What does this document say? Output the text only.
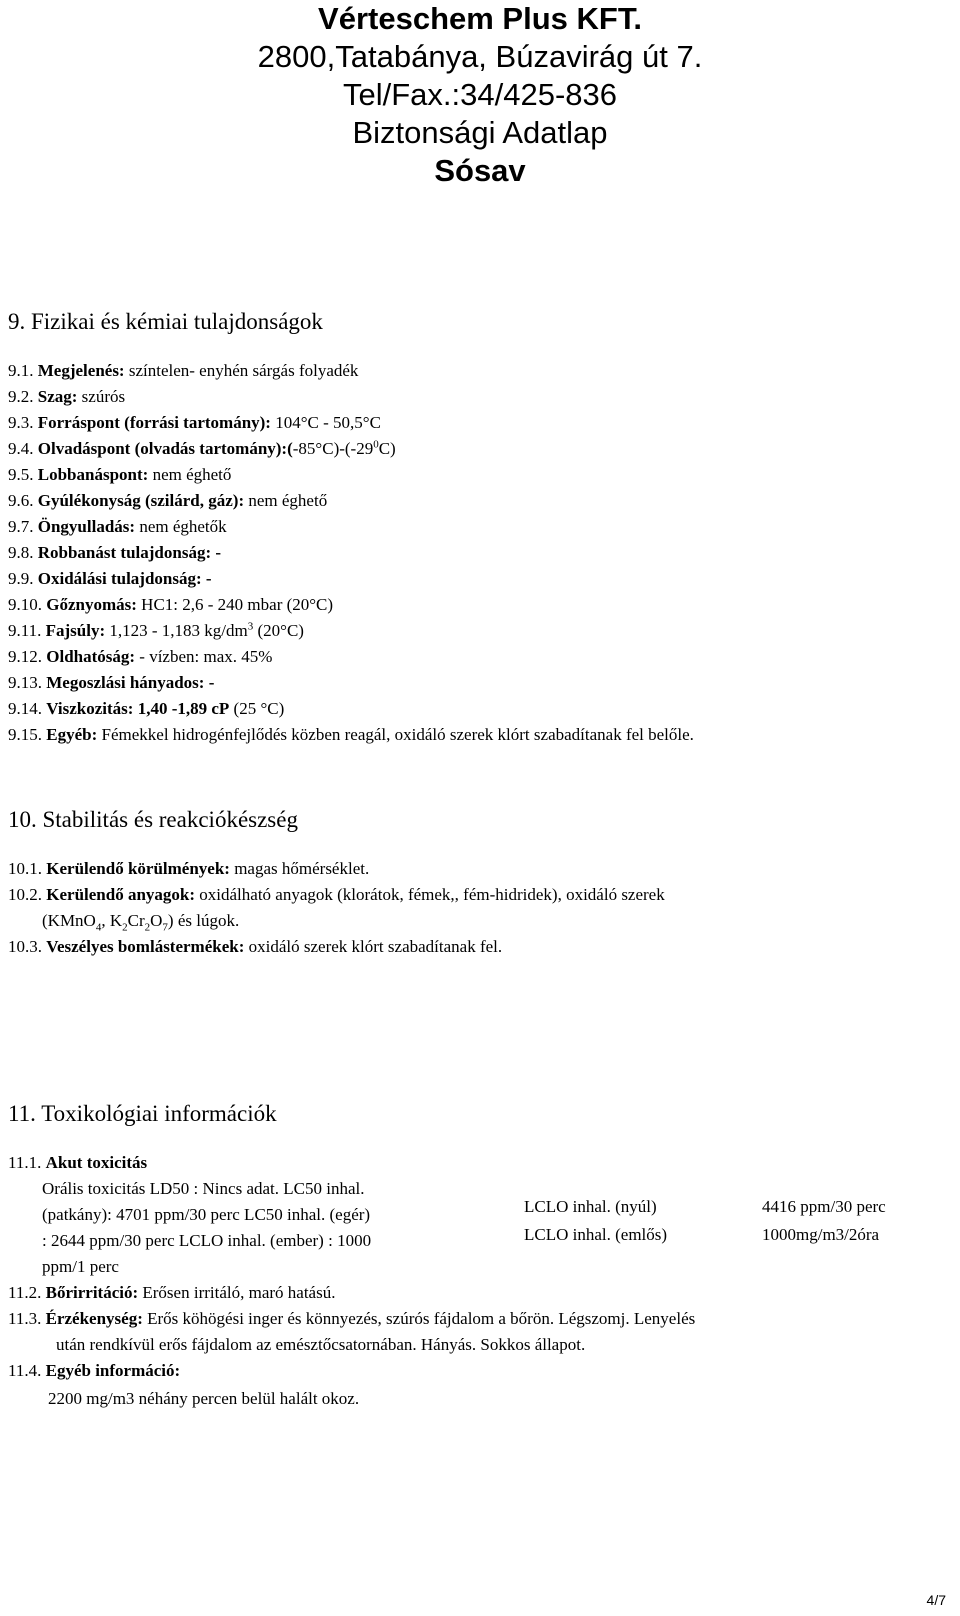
Vérteschem Plus KFT.
2800,Tatabánya, Búzavirág út 7.
Tel/Fax.:34/425-836
Biztonsági Adatlap
Sósav
9. Fizikai és kémiai tulajdonságok
9.1. Megjelenés: színtelen- enyhén sárgás folyadék
9.2. Szag: szúrós
9.3. Forráspont (forrási tartomány): 104°C - 50,5°C
9.4. Olvadáspont (olvadás $tartomány):(-85^\circ C)-(-29^0C)$
9.5. Lobbanáspont: nem éghető
9.6. Gyúlékonyság (szilárd, gáz): nem éghető
9.7. Öngyulladás: nem éghetők
9.8. Robbanást tulajdonság: -
9.9. Oxidálási tulajdonság: -
9.10. Gőznyomás: HC1: 2,6 - 240 mbar (20°C)
9.11. Fajsúly: 1,123 - 1,183 $kg/dm^3$ (20°C)
9.12. Oldhatóság: - vízben: max. 45%
9.13. Megoszlási hányados: -
9.14. Viszkozitás: 1,40 -1,89 cP (25 °C)
9.15. Egyéb: Fémekkel hidrogénfejlődés közben reagál, oxidáló szerek klórt szabadítanak fel belőle.
10. Stabilitás és reakciókészség
10.1. Kerülendő körülmények: magas hőmérséklet.
10.2. Kerülendő anyagok: oxidálható anyagok (klorátok, fémek,, fém-hidridek), oxidáló szerek
(KMnO$_4$, $K_2Cr_2O_7$) és lúgok.
10.3. Veszélyes bomlástermékek: oxidáló szerek klórt szabadítanak fel.
11. Toxikológiai információk
11.1. Akut toxicitás
Orális toxicitás LD50 : Nincs adat. LC50 inhal.
(patkány): 4701 ppm/30 perc LC50 inhal. (egér)
: 2644 ppm/30 perc LCLO inhal. (ember) : 1000
ppm/1 perc
LCLO inhal. (nyúl)	4416 ppm/30 perc
LCLO inhal. (emlős)	1000mg/m3/2óra
11.2. Bőrirritáció: Erősen irritáló, maró hatású.
11.3. Érzékenység: Erős köhögési inger és könnyezés, szúrós fájdalom a bőrön. Légszomj. Lenyelés
után rendkívül erős fájdalom az emésztőcsatornában. Hányás. Sokkos állapot.
11.4. Egyéb információ:
2200 mg/m3 néhány percen belül halált okoz.
4/7
